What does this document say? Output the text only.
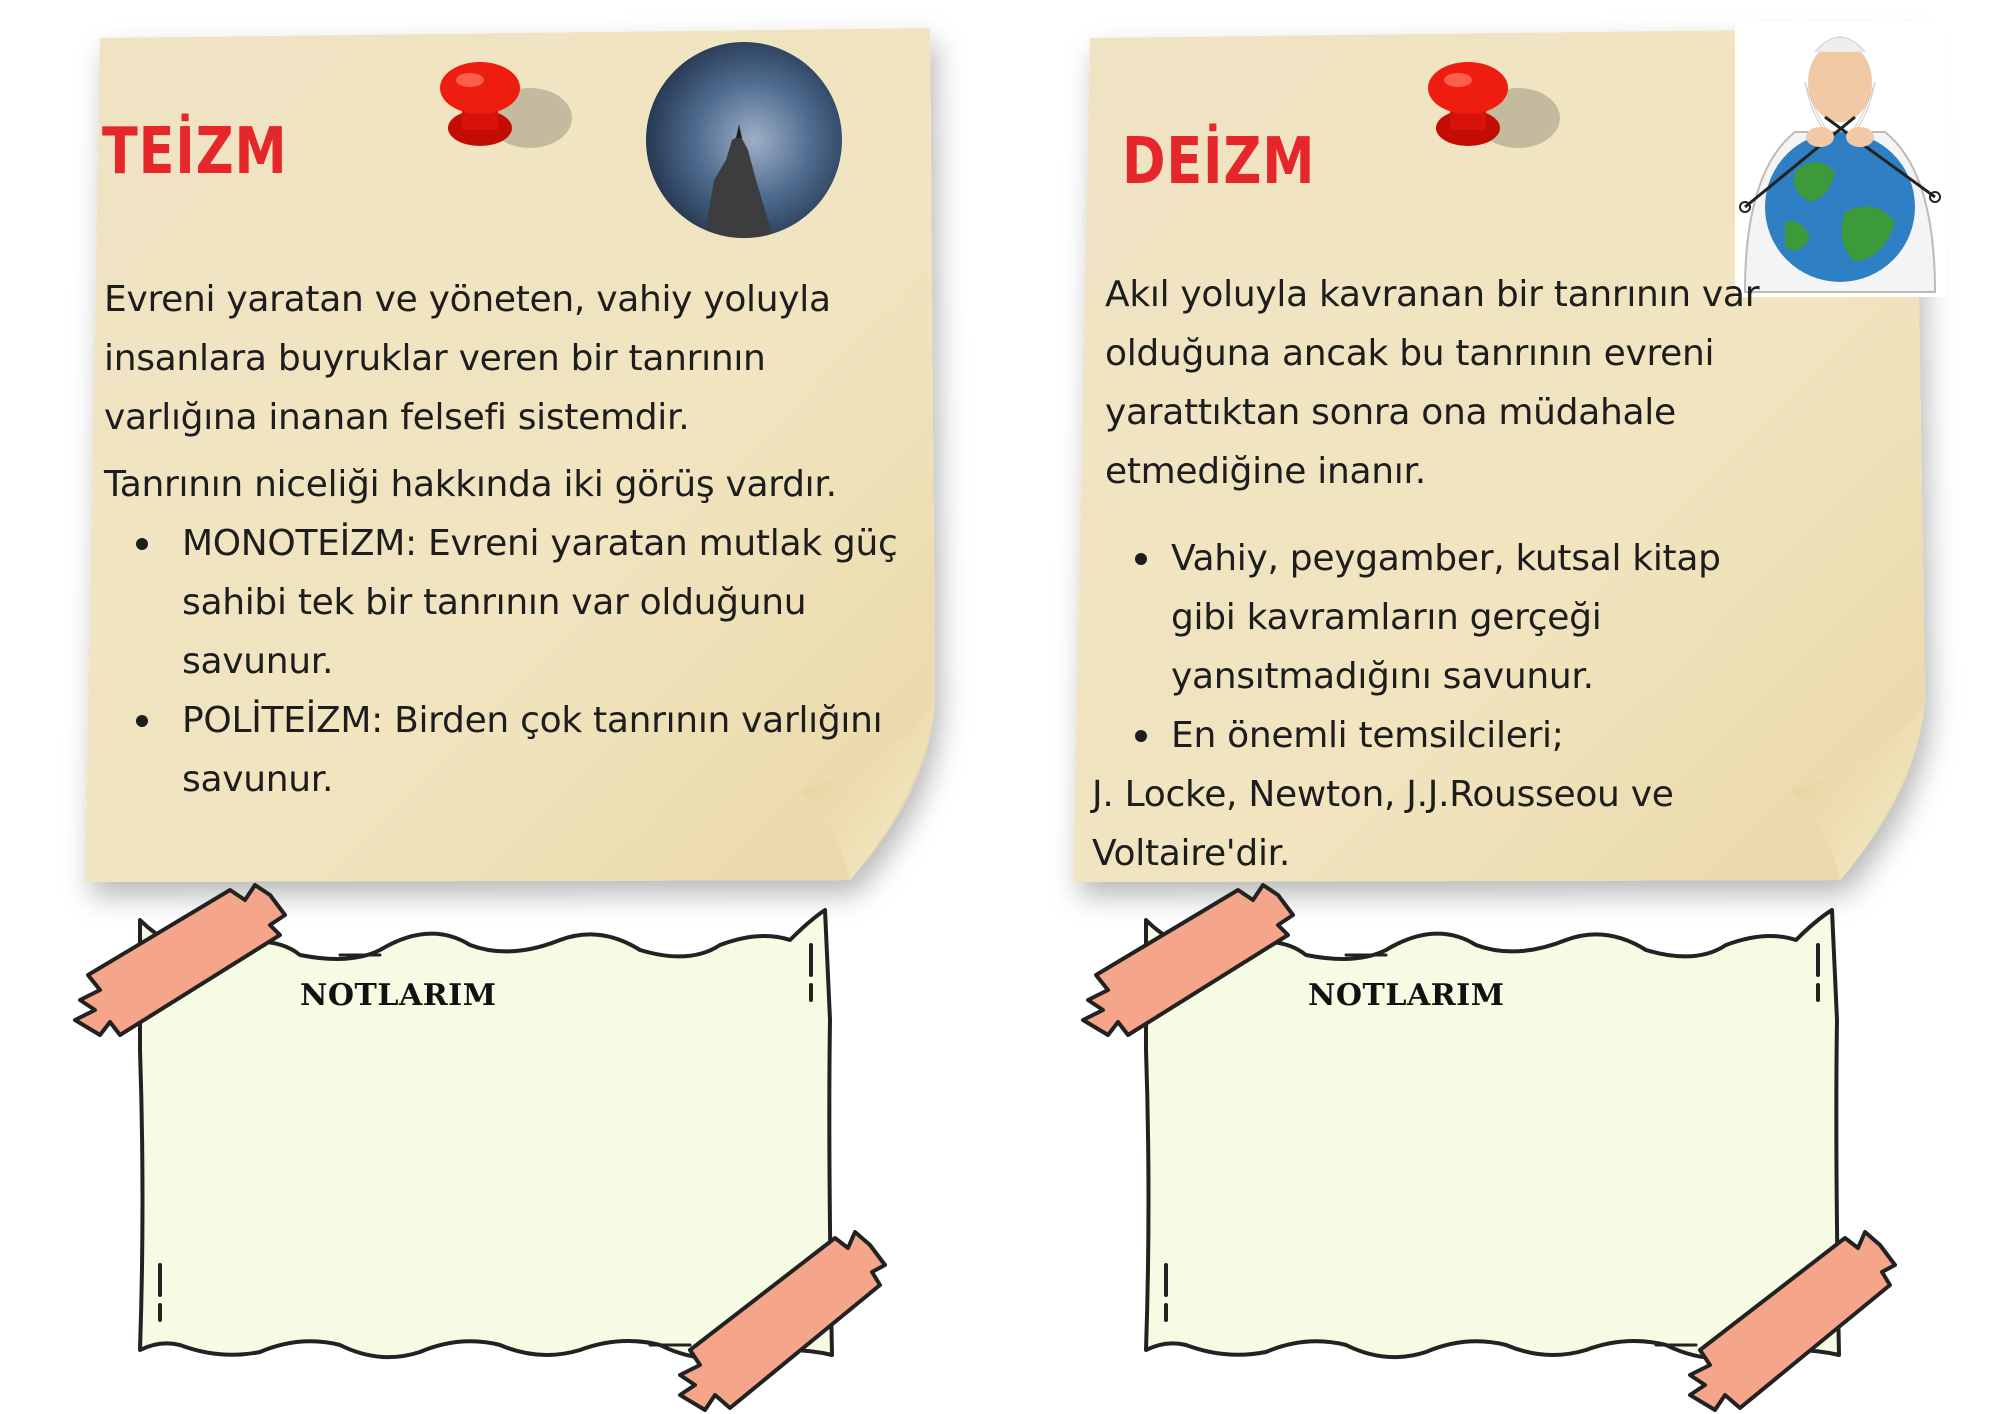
TEİZM

Evreni yaratan ve yöneten, vahiy yoluyla insanlara buyruklar veren bir tanrının varlığına inanan felsefi sistemdir.

Tanrının niceliği hakkında iki görüş vardır.

MONOTEİZM: Evreni yaratan mutlak güç sahibi tek bir tanrının var olduğunu savunur.
POLİTEİZM: Birden çok tanrının varlığını savunur.
DEİZM

Akıl yoluyla kavranan bir tanrının var olduğuna ancak bu tanrının evreni yarattıktan sonra ona müdahale etmediğine inanır.

Vahiy, peygamber, kutsal kitap gibi kavramların gerçeği yansıtmadığını savunur.
En önemli temsilcileri;
J. Locke, Newton, J.J.Rousseou ve Voltaire'dir.
NOTLARIM	NOTLARIM
